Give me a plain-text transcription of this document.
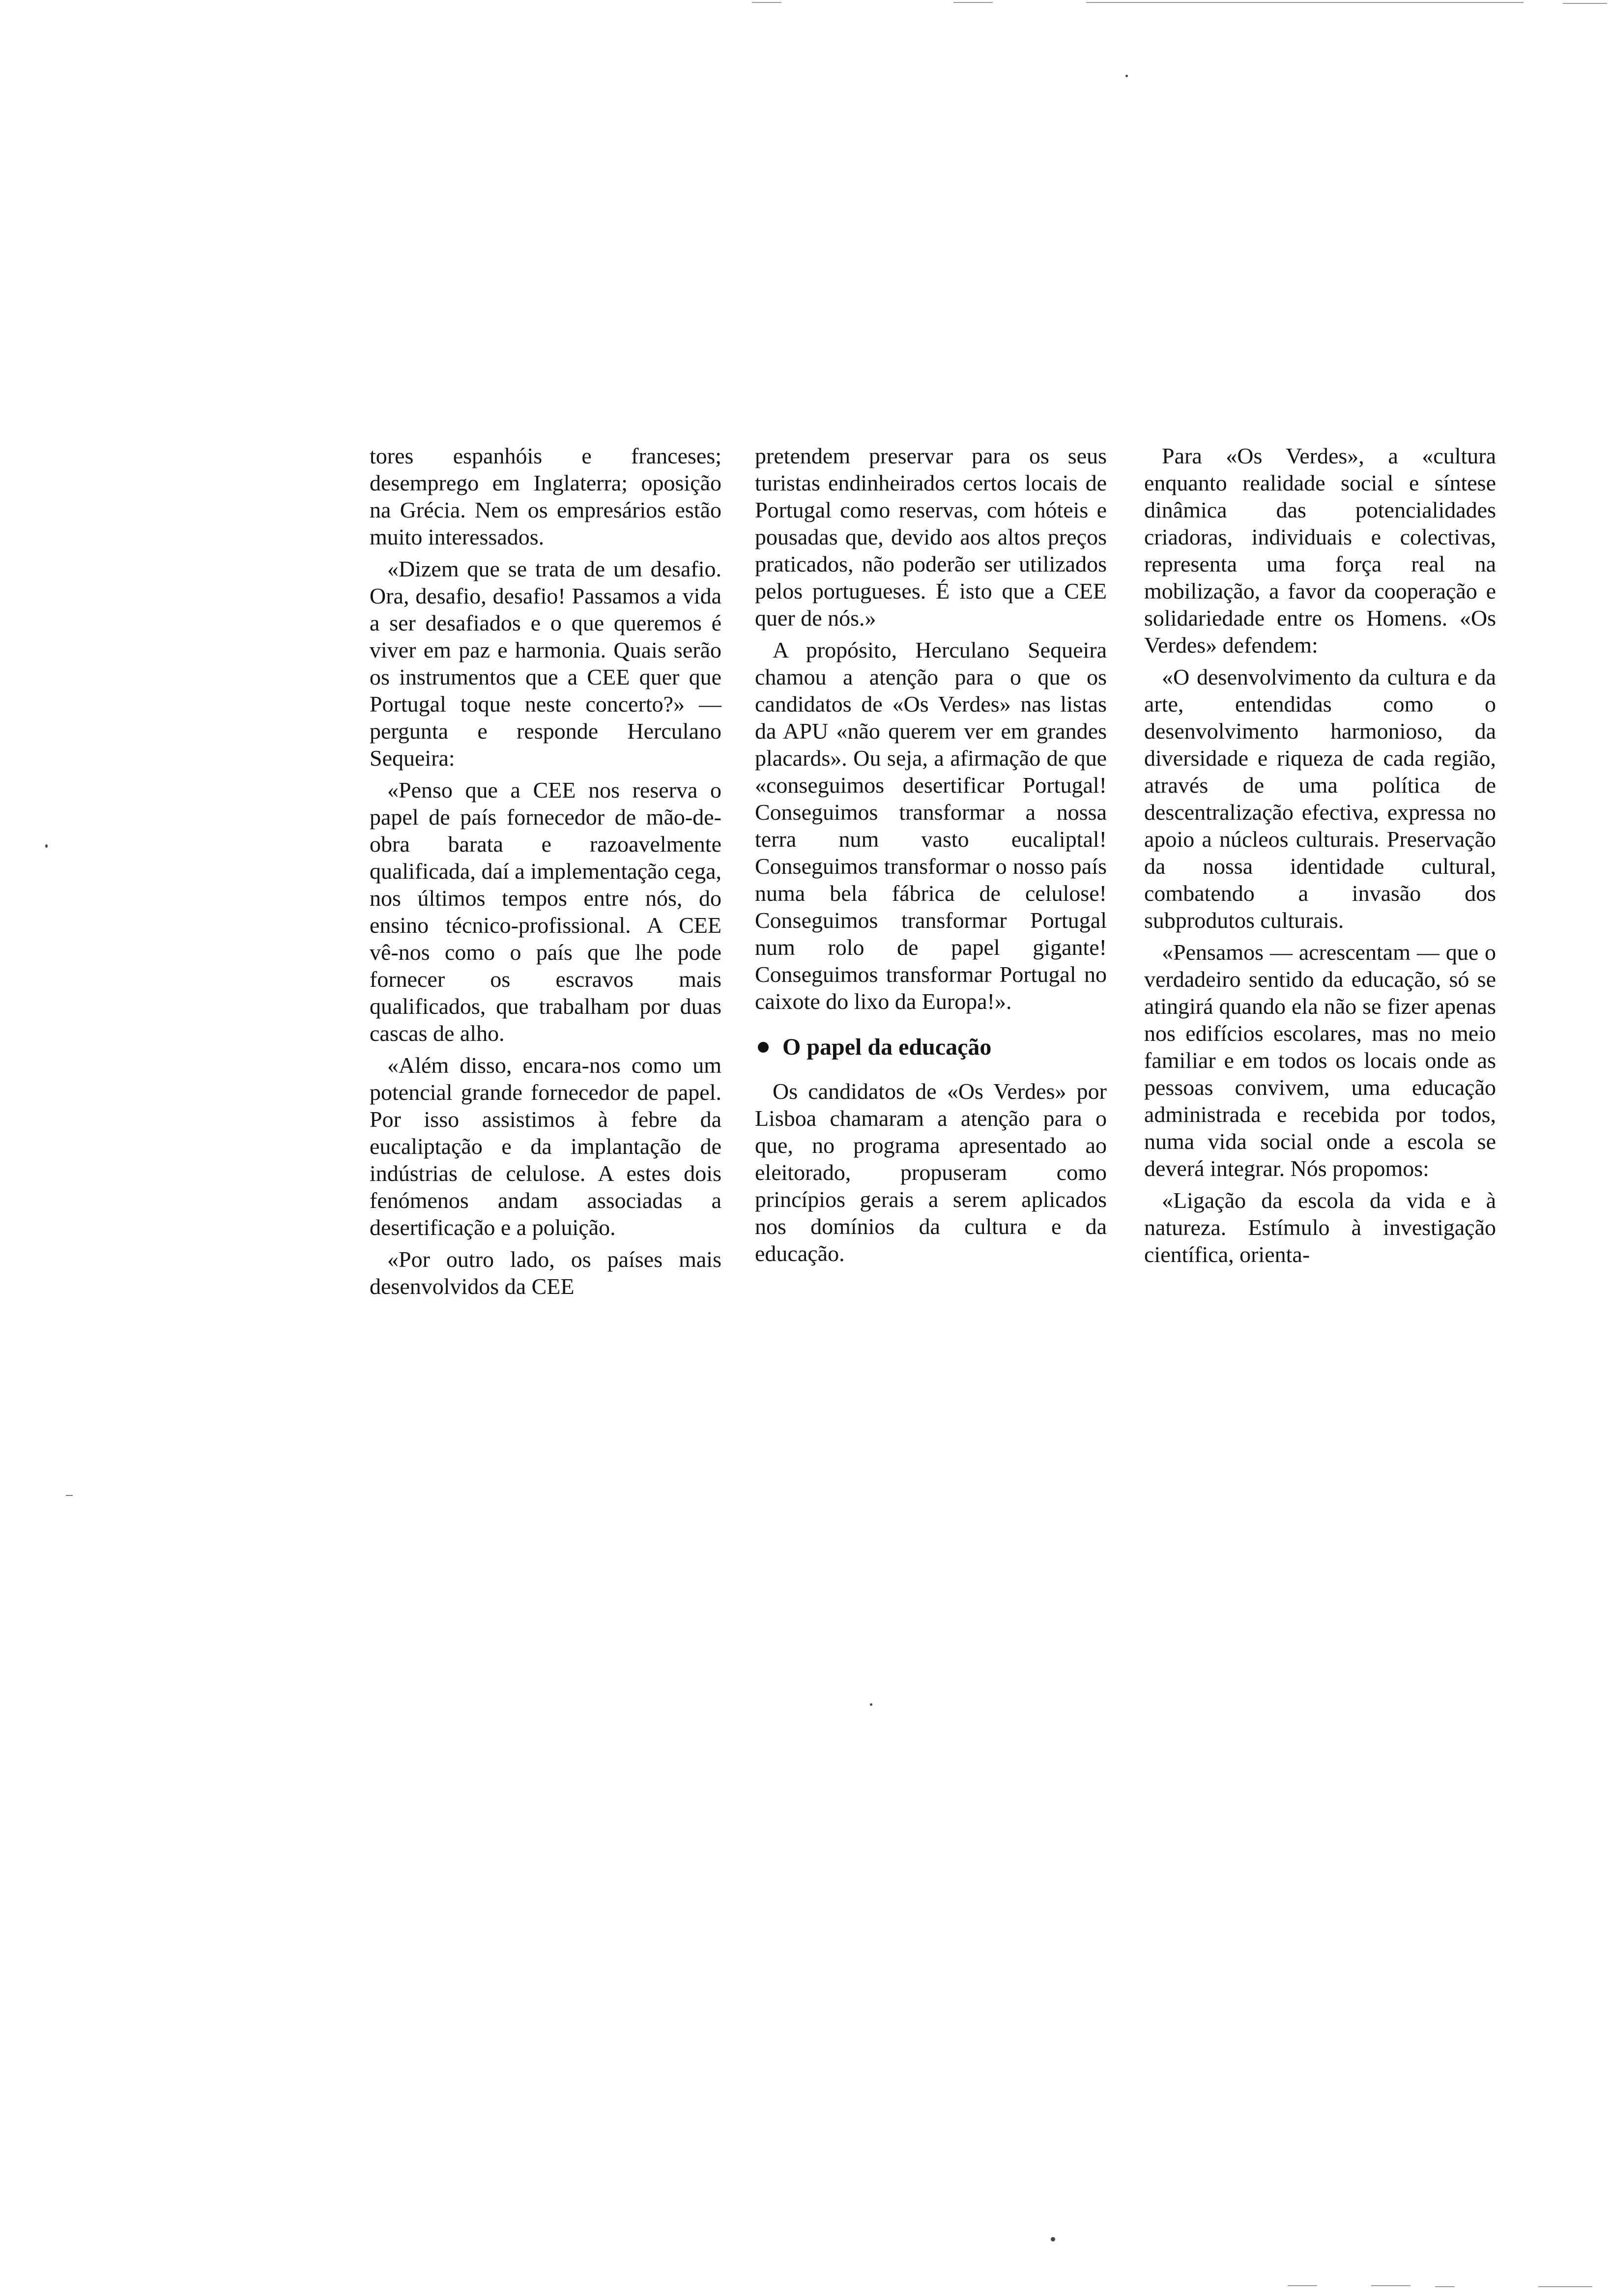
tores espanhóis e franceses; desemprego em Inglaterra; oposição na Grécia. Nem os empresários estão muito interessados.

«Dizem que se trata de um desafio. Ora, desafio, desafio! Passamos a vida a ser desafiados e o que queremos é viver em paz e harmonia. Quais serão os instrumentos que a CEE quer que Portugal toque neste concerto?» — pergunta e responde Herculano Sequeira:

«Penso que a CEE nos reserva o papel de país fornecedor de mão-de-obra barata e razoavelmente qualificada, daí a implementação cega, nos últimos tempos entre nós, do ensino técnico-profissional. A CEE vê-nos como o país que lhe pode fornecer os escravos mais qualificados, que trabalham por duas cascas de alho.

«Além disso, encara-nos como um potencial grande fornecedor de papel. Por isso assistimos à febre da eucaliptação e da implantação de indústrias de celulose. A estes dois fenómenos andam associadas a desertificação e a poluição.

«Por outro lado, os países mais desenvolvidos da CEE

pretendem preservar para os seus turistas endinheirados certos locais de Portugal como reservas, com hóteis e pousadas que, devido aos altos preços praticados, não poderão ser utilizados pelos portugueses. É isto que a CEE quer de nós.»

A propósito, Herculano Sequeira chamou a atenção para o que os candidatos de «Os Verdes» nas listas da APU «não querem ver em grandes placards». Ou seja, a afirmação de que «conseguimos desertificar Portugal! Conseguimos transformar a nossa terra num vasto eucaliptal! Conseguimos transformar o nosso país numa bela fábrica de celulose! Conseguimos transformar Portugal num rolo de papel gigante! Conseguimos transformar Portugal no caixote do lixo da Europa!».

O papel da educação

Os candidatos de «Os Verdes» por Lisboa chamaram a atenção para o que, no programa apresentado ao eleitorado, propuseram como princípios gerais a serem aplicados nos domínios da cultura e da educação.

Para «Os Verdes», a «cultura enquanto realidade social e síntese dinâmica das potencialidades criadoras, individuais e colectivas, representa uma força real na mobilização, a favor da cooperação e solidariedade entre os Homens. «Os Verdes» defendem:

«O desenvolvimento da cultura e da arte, entendidas como o desenvolvimento harmonioso, da diversidade e riqueza de cada região, através de uma política de descentralização efectiva, expressa no apoio a núcleos culturais. Preservação da nossa identidade cultural, combatendo a invasão dos subprodutos culturais.

«Pensamos — acrescentam — que o verdadeiro sentido da educação, só se atingirá quando ela não se fizer apenas nos edifícios escolares, mas no meio familiar e em todos os locais onde as pessoas convivem, uma educação administrada e recebida por todos, numa vida social onde a escola se deverá integrar. Nós propomos:

«Ligação da escola da vida e à natureza. Estímulo à investigação científica, orienta-
